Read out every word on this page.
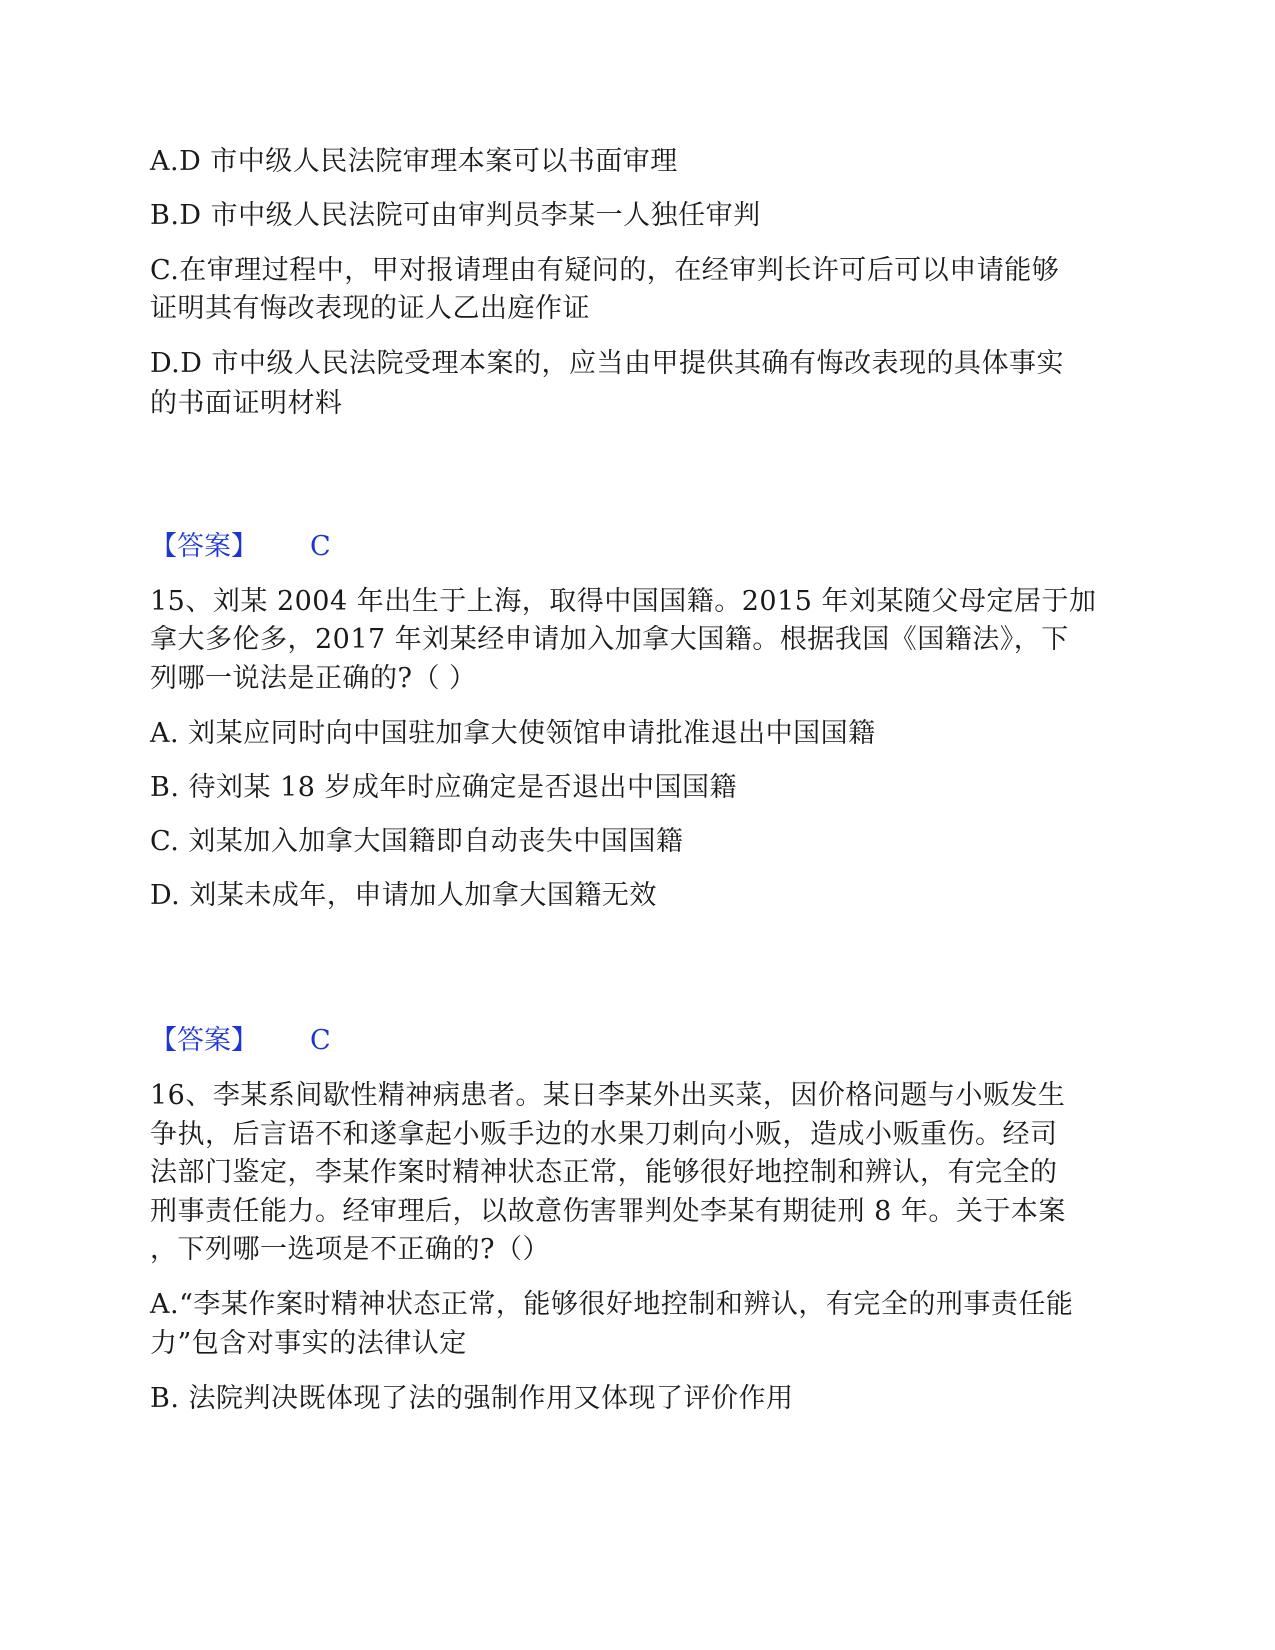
A.D 市中级人民法院审理本案可以书面审理
B.D 市中级人民法院可由审判员李某一人独任审判
C.在审理过程中，甲对报请理由有疑问的，在经审判长许可后可以申请能够
证明其有悔改表现的证人乙出庭作证
D.D 市中级人民法院受理本案的，应当由甲提供其确有悔改表现的具体事实
的书面证明材料
【答案】 C
15、刘某 2004 年出生于上海，取得中国国籍。2015 年刘某随父母定居于加
拿大多伦多，2017 年刘某经申请加入加拿大国籍。根据我国《国籍法》，下
列哪一说法是正确的?（ ）
A. 刘某应同时向中国驻加拿大使领馆申请批准退出中国国籍
B. 待刘某 18 岁成年时应确定是否退出中国国籍
C. 刘某加入加拿大国籍即自动丧失中国国籍
D. 刘某未成年，申请加人加拿大国籍无效
【答案】 C
16、李某系间歇性精神病患者。某日李某外出买菜，因价格问题与小贩发生
争执，后言语不和遂拿起小贩手边的水果刀刺向小贩，造成小贩重伤。经司
法部门鉴定，李某作案时精神状态正常，能够很好地控制和辨认，有完全的
刑事责任能力。经审理后，以故意伤害罪判处李某有期徒刑 8 年。关于本案
，下列哪一选项是不正确的?（）
A.“李某作案时精神状态正常，能够很好地控制和辨认，有完全的刑事责任能
力”包含对事实的法律认定
B. 法院判决既体现了法的强制作用又体现了评价作用
